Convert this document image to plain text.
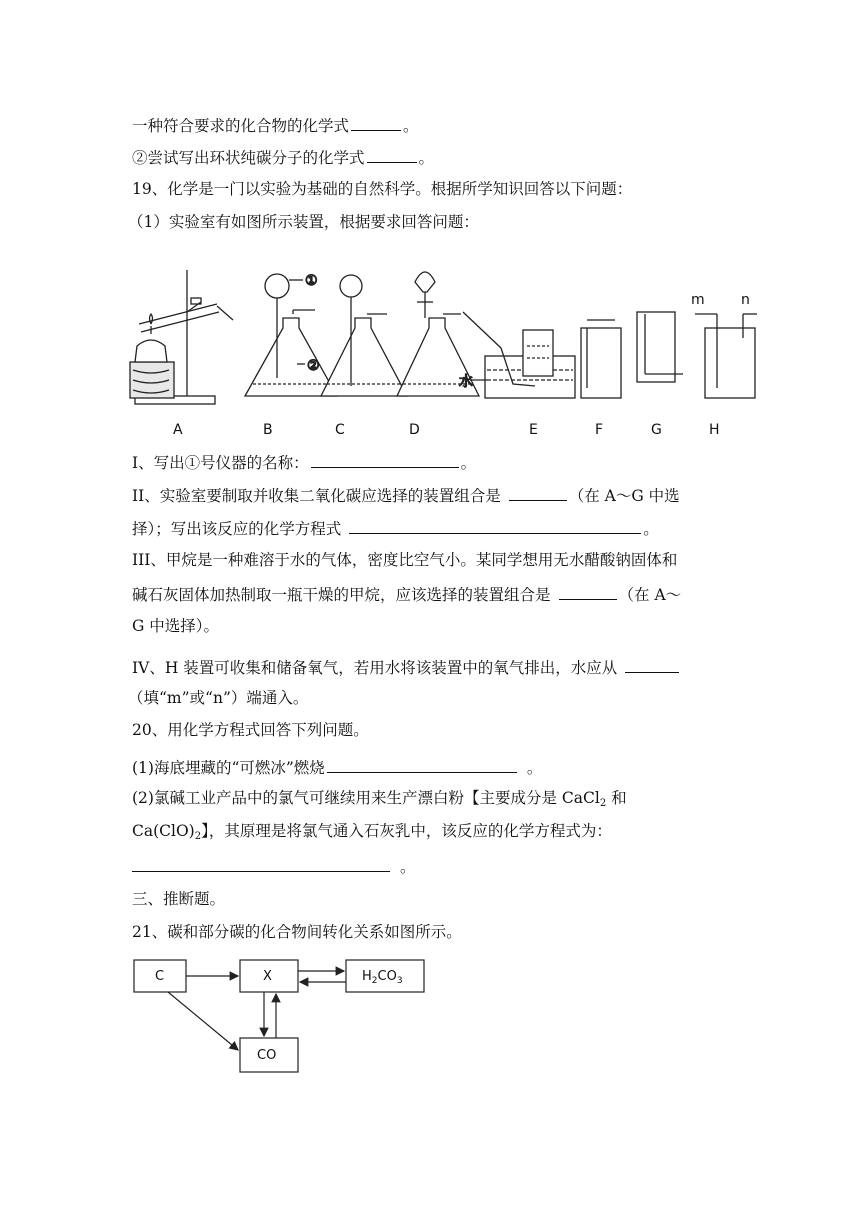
一种符合要求的化合物的化学式	。
②尝试写出环状纯碳分子的化学式	。
19、化学是一门以实验为基础的自然科学。根据所学知识回答以下问题：
（1）实验室有如图所示装置，根据要求回答问题：
①
②
水
m	n
A	B	C	D	E	F	G	H
I、写出①号仪器的名称：	。
II、实验室要制取并收集二氧化碳应选择的装置组合是	（在 A～G 中选
择）；写出该反应的化学方程式	。
III、甲烷是一种难溶于水的气体，密度比空气小。某同学想用无水醋酸钠固体和
碱石灰固体加热制取一瓶干燥的甲烷，应该选择的装置组合是	（在 A～
G 中选择）。
IV、H 装置可收集和储备氧气，若用水将该装置中的氧气排出，水应从
（填“m”或“n”）端通入。
20、用化学方程式回答下列问题。
(1)海底埋藏的“可燃冰”燃烧	。
(2)氯碱工业产品中的氯气可继续用来生产漂白粉【主要成分是 CaCl$_2$ 和
$Ca(ClO)_2$】，其原理是将氯气通入石灰乳中，该反应的化学方程式为：
。
三、推断题。
21、碳和部分碳的化合物间转化关系如图所示。
C	X	$H_2CO_3$
CO
